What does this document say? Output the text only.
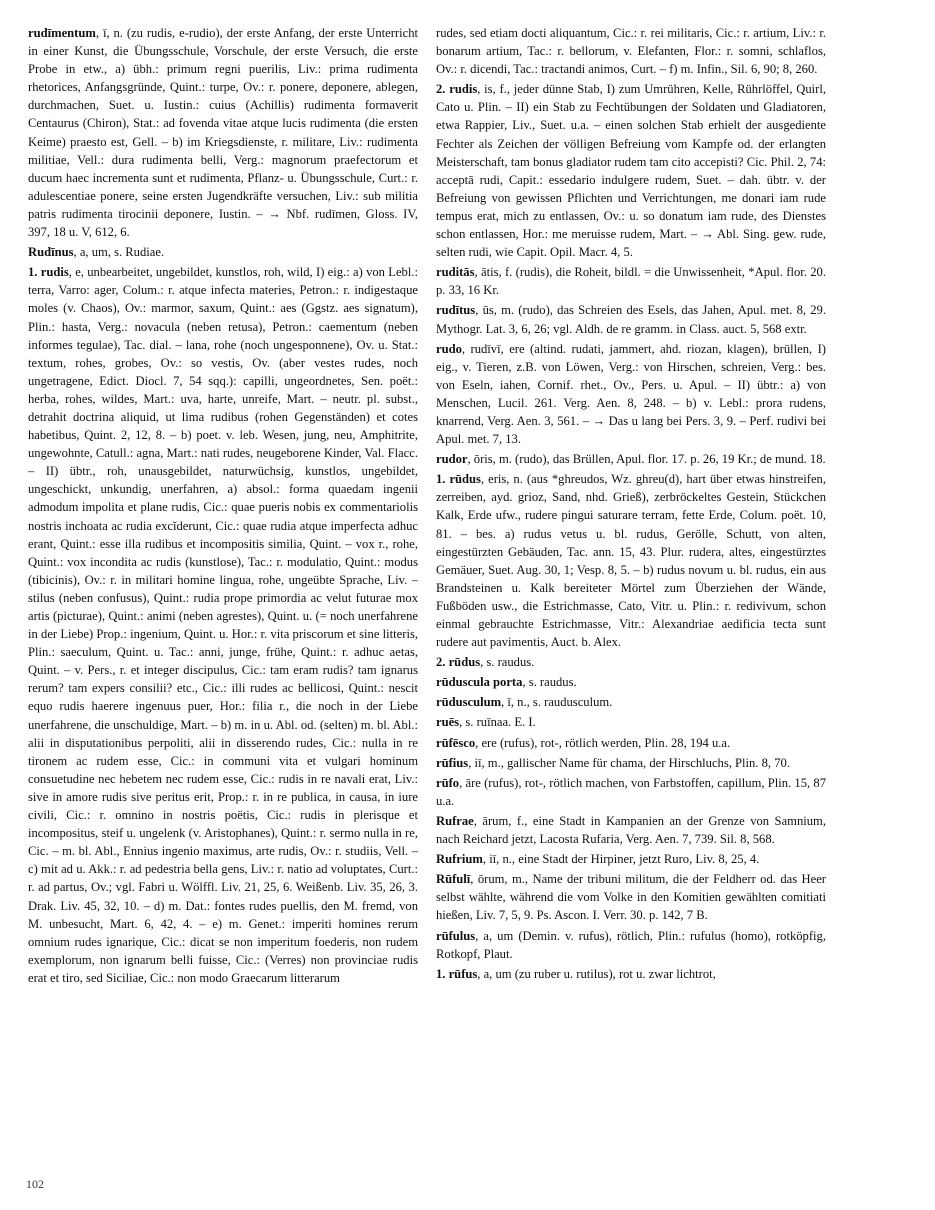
rudīmentum, ī, n. (zu rudis, e-rudio), der erste Anfang, der erste Unterricht in einer Kunst, die Übungsschule, Vorschule, der erste Versuch, die erste Probe in etw., a) übh.: primum regni puerilis, Liv.: prima rudimenta rhetorices, Anfangsgründe, Quint.: turpe, Ov.: r. ponere, deponere, ablegen, durchmachen, Suet. u. Iustin.: cuius (Achillis) rudimenta formaverit Centaurus (Chiron), Stat.: ad fovenda vitae atque lucis rudimenta (die ersten Keime) praesto est, Gell. – b) im Kriegsdienste, r. militare, Liv.: rudimenta militiae, Vell.: dura rudimenta belli, Verg.: magnorum praefectorum et ducum haec incrementa sunt et rudimenta, Pflanz- u. Übungsschule, Curt.: r. adulescentiae ponere, seine ersten Jugendkräfte versuchen, Liv.: sub militia patris rudimenta tirocinii deponere, Iustin. – → Nbf. rudīmen, Gloss. IV, 397, 18 u. V, 612, 6.

Rudīnus, a, um, s. Rudiae.

1. rudis, e, unbearbeitet, ungebildet, kunstlos, roh, wild, I) eig.: a) von Lebl.: terra, Varro: ager, Colum.: r. atque infecta materies, Petron.: r. indigestaque moles (v. Chaos), Ov.: marmor, saxum, Quint.: aes (Ggstz. aes signatum), Plin.: hasta, Verg.: novacula (neben retusa), Petron.: caementum (neben informes tegulae), Tac. dial. – lana, rohe (noch ungesponnene), Ov. u. Stat.: textum, rohes, grobes, Ov.: so vestis, Ov. (aber vestes rudes, noch ungetragene, Edict. Diocl. 7, 54 sqq.): capilli, ungeordnetes, Sen. poët.: herba, rohes, wildes, Mart.: uva, harte, unreife, Mart. – neutr. pl. subst., detrahit doctrina aliquid, ut lima rudibus (rohen Gegenständen) et cotes habetibus, Quint. 2, 12, 8. – b) poet. v. leb. Wesen, jung, neu, Amphitrite, ungewohnte, Catull.: agna, Mart.: nati rudes, neugeborene Kinder, Val. Flacc. – II) übtr., roh, unausgebildet, naturwüchsig, kunstlos, ungebildet, ungeschickt, unkundig, unerfahren, a) absol.: forma quaedam ingenii admodum impolita et plane rudis, Cic.: quae pueris nobis ex commentariolis nostris inchoata ac rudia excĭderunt, Cic.: quae rudia atque imperfecta adhuc erant, Quint.: esse illa rudibus et incompositis similia, Quint. – vox r., rohe, Quint.: vox incondita ac rudis (kunstlose), Tac.: r. modulatio, Quint.: modus (tibicinis), Ov.: r. in militari homine lingua, rohe, ungeübte Sprache, Liv. – stilus (neben confusus), Quint.: rudia prope primordia ac velut futurae mox artis (picturae), Quint.: animi (neben agrestes), Quint. u. (= noch unerfahrene in der Liebe) Prop.: ingenium, Quint. u. Hor.: r. vita priscorum et sine litteris, Plin.: saeculum, Quint. u. Tac.: anni, junge, frühe, Quint.: r. adhuc aetas, Quint. – v. Pers., r. et integer discipulus, Cic.: tam eram rudis? tam ignarus rerum? tam expers consilii? etc., Cic.: illi rudes ac bellicosi, Quint.: nescit equo rudis haerere ingenuus puer, Hor.: filia r., die noch in der Liebe unerfahrene, die unschuldige, Mart. – b) m. in u. Abl. od. (selten) m. bl. Abl.: alii in disputationibus perpoliti, alii in disserendo rudes, Cic.: nulla in re tironem ac rudem esse, Cic.: in communi vita et vulgari hominum consuetudine nec hebetem nec rudem esse, Cic.: rudis in re navali erat, Liv.: sive in amore rudis sive peritus erit, Prop.: r. in re publica, in causa, in iure civili, Cic.: r. omnino in nostris poëtis, Cic.: rudis in plerisque et incompositus, steif u. ungelenk (v. Aristophanes), Quint.: r. sermo nulla in re, Cic. – m. bl. Abl., Ennius ingenio maximus, arte rudis, Ov.: r. studiis, Vell. – c) mit ad u. Akk.: r. ad pedestria bella gens, Liv.: r. natio ad voluptates, Curt.: r. ad partus, Ov.; vgl. Fabri u. Wölffl. Liv. 21, 25, 6. Weißenb. Liv. 35, 26, 3. Drak. Liv. 45, 32, 10. – d) m. Dat.: fontes rudes puellis, den M. fremd, von M. unbesucht, Mart. 6, 42, 4. – e) m. Genet.: imperiti homines rerum omnium rudes ignarique, Cic.: dicat se non imperitum foederis, non rudem exemplorum, non ignarum belli fuisse, Cic.: (Verres) non provinciae rudis erat et tiro, sed Siciliae, Cic.: non modo Graecarum litterarum

rudes, sed etiam docti aliquantum, Cic.: r. rei militaris, Cic.: r. artium, Liv.: r. bonarum artium, Tac.: r. bellorum, v. Elefanten, Flor.: r. somni, schlaflos, Ov.: r. dicendi, Tac.: tractandi animos, Curt. – f) m. Infin., Sil. 6, 90; 8, 260.

2. rudis, is, f., jeder dünne Stab, I) zum Umrühren, Kelle, Rührlöffel, Quirl, Cato u. Plin. – II) ein Stab zu Fechtübungen der Soldaten und Gladiatoren, etwa Rappier, Liv., Suet. u.a. – einen solchen Stab erhielt der ausgediente Fechter als Zeichen der völligen Befreiung vom Kampfe od. der erlangten Meisterschaft, tam bonus gladiator rudem tam cito accepisti? Cic. Phil. 2, 74: acceptā rudi, Capit.: essedario indulgere rudem, Suet. – dah. übtr. v. der Befreiung von gewissen Pflichten und Verrichtungen, me donari iam rude tempus erat, mich zu entlassen, Ov.: u. so donatum iam rude, des Dienstes schon entlassen, Hor.: me meruisse rudem, Mart. – → Abl. Sing. gew. rude, selten rudi, wie Capit. Opil. Macr. 4, 5.

ruditās, ātis, f. (rudis), die Roheit, bildl. = die Unwissenheit, *Apul. flor. 20. p. 33, 16 Kr.

rudītus, ūs, m. (rudo), das Schreien des Esels, das Jahen, Apul. met. 8, 29. Mythogr. Lat. 3, 6, 26; vgl. Aldh. de re gramm. in Class. auct. 5, 568 extr.

rudo, rudīvī, ere (altind. rudati, jammert, ahd. riozan, klagen), brüllen, I) eig., v. Tieren, z.B. von Löwen, Verg.: von Hirschen, schreien, Verg.: bes. von Eseln, iahen, Cornif. rhet., Ov., Pers. u. Apul. – II) übtr.: a) von Menschen, Lucil. 261. Verg. Aen. 8, 248. – b) v. Lebl.: prora rudens, knarrend, Verg. Aen. 3, 561. – → Das u lang bei Pers. 3, 9. – Perf. rudivi bei Apul. met. 7, 13.

rudor, ōris, m. (rudo), das Brüllen, Apul. flor. 17. p. 26, 19 Kr.; de mund. 18.

1. rūdus, eris, n. (aus *ghreudos, Wz. ghreu(d), hart über etwas hinstreifen, zerreiben, ayd. grioz, Sand, nhd. Grieß), zerbröckeltes Gestein, Stückchen Kalk, Erde ufw., rudere pingui saturare terram, fette Erde, Colum. poët. 10, 81. – bes. a) rudus vetus u. bl. rudus, Gerölle, Schutt, von alten, eingestürzten Gebäuden, Tac. ann. 15, 43. Plur. rudera, altes, eingestürztes Gemäuer, Suet. Aug. 30, 1; Vesp. 8, 5. – b) rudus novum u. bl. rudus, ein aus Brandsteinen u. Kalk bereiteter Mörtel zum Überziehen der Wände, Fußböden usw., die Estrichmasse, Cato, Vitr. u. Plin.: r. redivivum, schon einmal gebrauchte Estrichmasse, Vitr.: Alexandriae aedificia tecta sunt rudere aut pavimentis, Auct. b. Alex.

2. rūdus, s. raudus.

rūduscula porta, s. raudus.

rūdusculum, ī, n., s. raudusculum.

ruēs, s. ruīnaa. E. I.

rūfēsco, ere (rufus), rot-, rötlich werden, Plin. 28, 194 u.a.

rūfius, iī, m., gallischer Name für chama, der Hirschluchs, Plin. 8, 70.

rūfo, āre (rufus), rot-, rötlich machen, von Farbstoffen, capillum, Plin. 15, 87 u.a.

Rufrae, ārum, f., eine Stadt in Kampanien an der Grenze von Samnium, nach Reichard jetzt, Lacosta Rufaria, Verg. Aen. 7, 739. Sil. 8, 568.

Rufrium, iī, n., eine Stadt der Hirpiner, jetzt Ruro, Liv. 8, 25, 4.

Rūfulī, ōrum, m., Name der tribuni militum, die der Feldherr od. das Heer selbst wählte, während die vom Volke in den Komitien gewählten comitiati hießen, Liv. 7, 5, 9. Ps. Ascon. I. Verr. 30. p. 142, 7 B.

rūfulus, a, um (Demin. v. rufus), rötlich, Plin.: rufulus (homo), rotköpfig, Rotkopf, Plaut.

1. rūfus, a, um (zu ruber u. rutilus), rot u. zwar lichtrot,

102
